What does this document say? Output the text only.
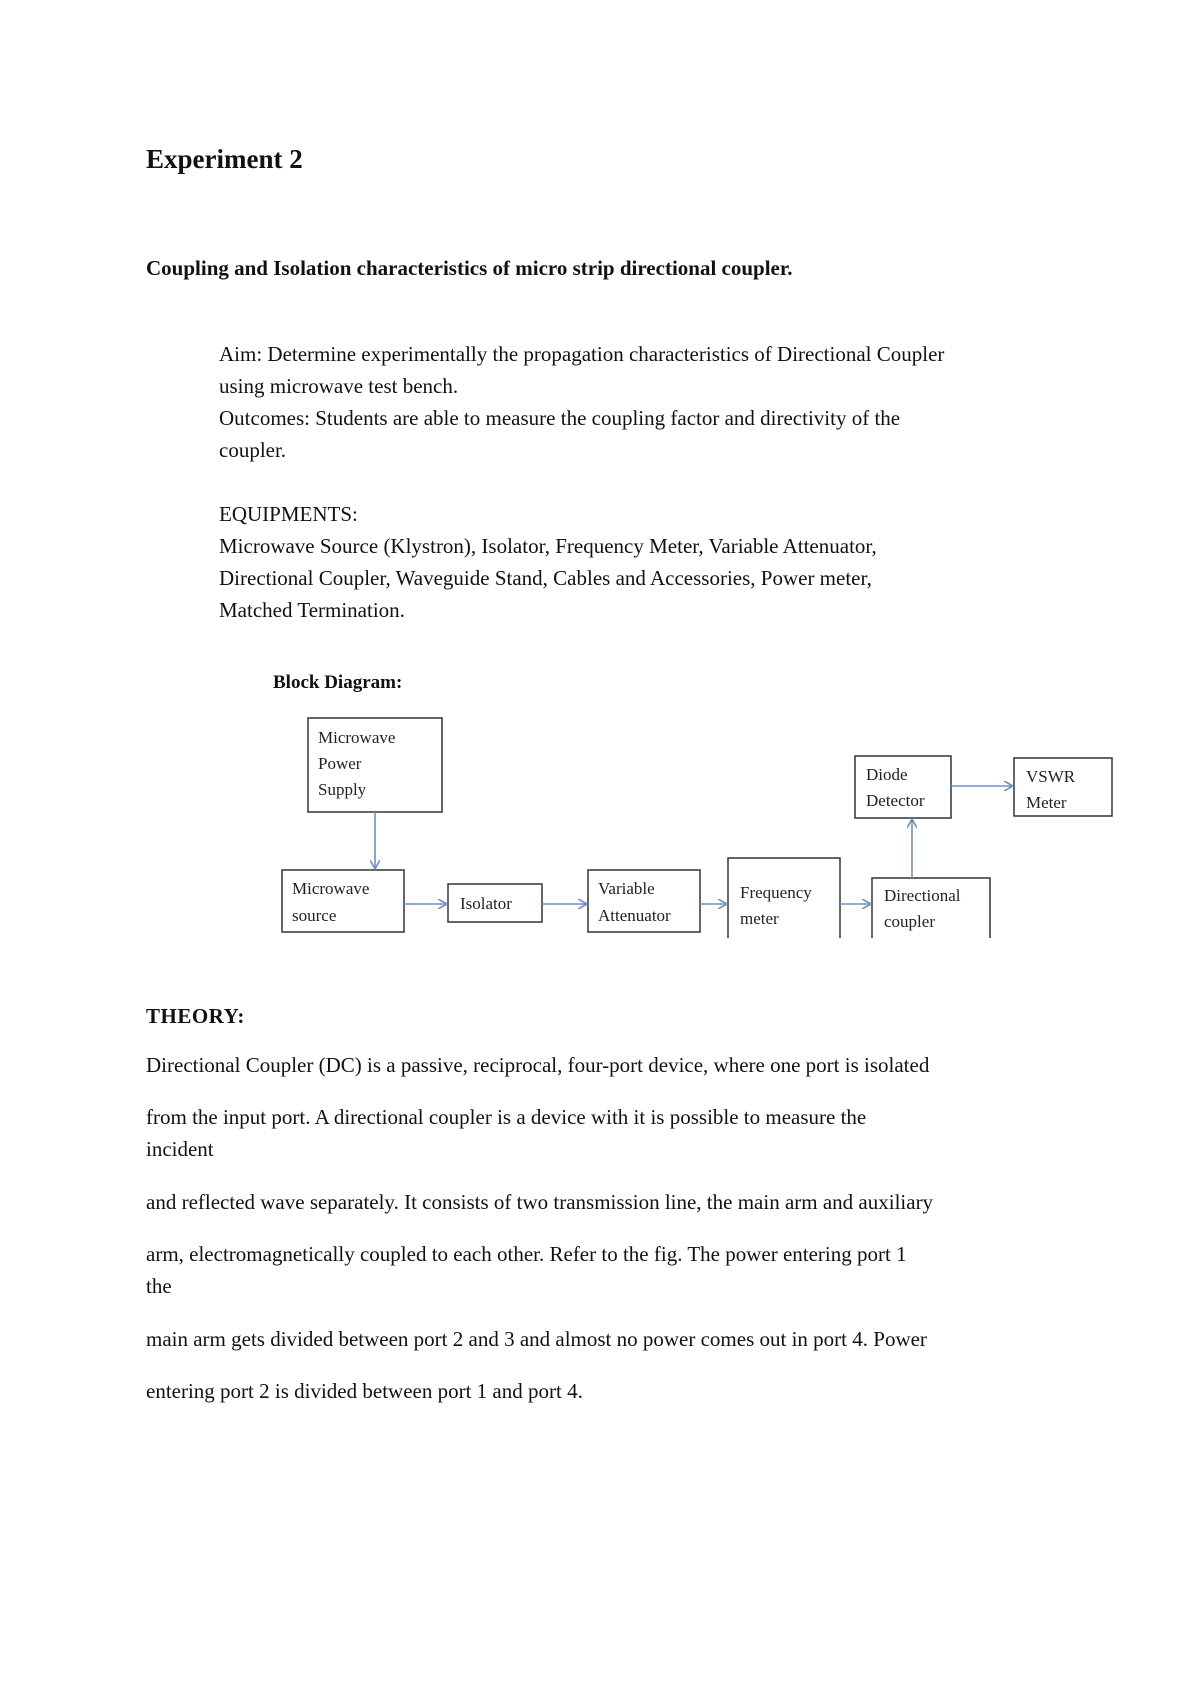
Experiment 2
Coupling and Isolation characteristics of micro strip directional coupler.
Aim: Determine experimentally the propagation characteristics of Directional Coupler
using microwave test bench.
Outcomes: Students are able to measure the coupling factor and directivity of the
coupler.
EQUIPMENTS:
Microwave Source (Klystron), Isolator, Frequency Meter, Variable Attenuator,
Directional Coupler, Waveguide Stand, Cables and Accessories, Power meter,
Matched Termination.
Block Diagram:
Microwave
Power
Supply
Microwave
source
Isolator
Variable
Attenuator
Frequency
meter
Directional
coupler
Diode
Detector
VSWR
Meter
THEORY:
Directional Coupler (DC) is a passive, reciprocal, four-port device, where one port is isolated
from the input port. A directional coupler is a device with it is possible to measure the
incident
and reflected wave separately. It consists of two transmission line, the main arm and auxiliary
arm, electromagnetically coupled to each other. Refer to the fig. The power entering port 1
the
main arm gets divided between port 2 and 3 and almost no power comes out in port 4. Power
entering port 2 is divided between port 1 and port 4.
